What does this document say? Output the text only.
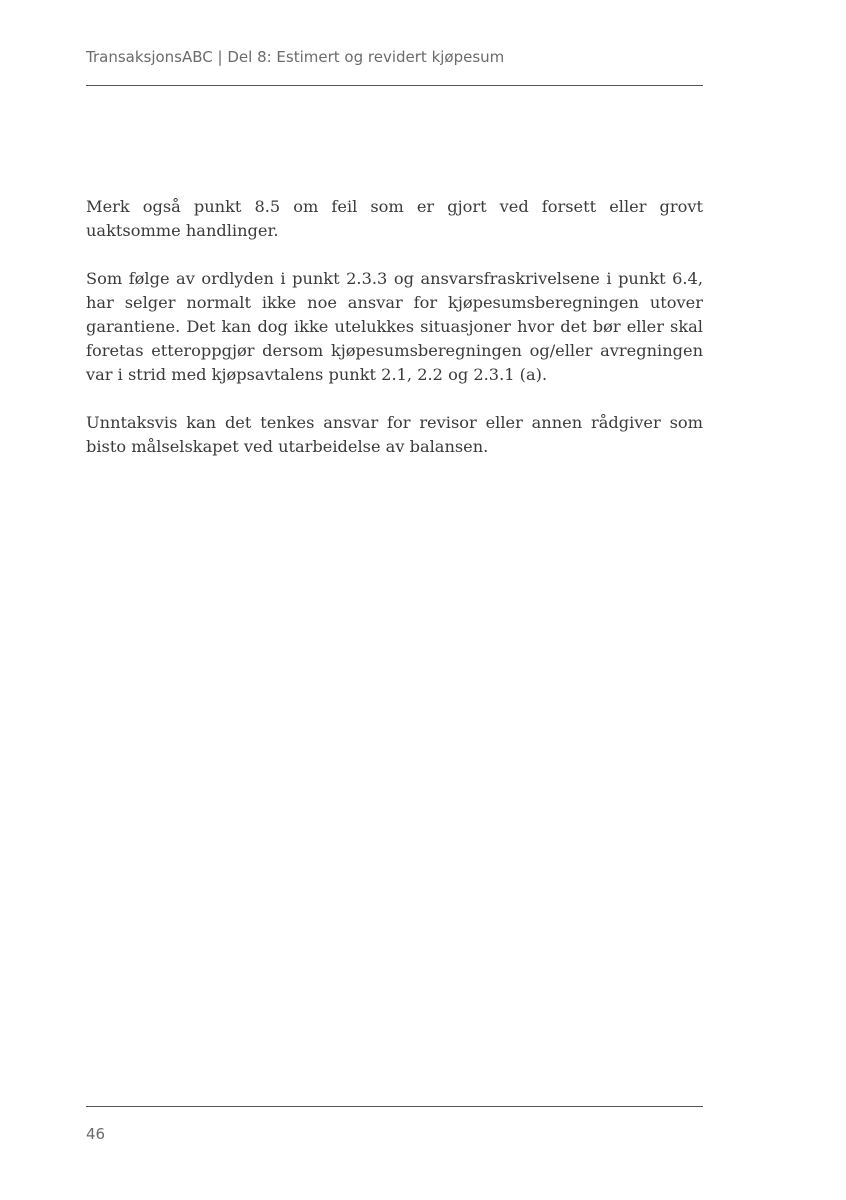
TransaksjonsABC | Del 8: Estimert og revidert kjøpesum

Merk også punkt 8.5 om feil som er gjort ved forsett eller grovt uaktsomme handlinger.

Som følge av ordlyden i punkt 2.3.3 og ansvarsfraskrivelsene i punkt 6.4, har selger normalt ikke noe ansvar for kjøpesumsberegningen utover garantiene. Det kan dog ikke utelukkes situasjoner hvor det bør eller skal foretas etteroppgjør dersom kjøpesumsberegningen og/eller avregningen var i strid med kjøpsavtalens punkt 2.1, 2.2 og 2.3.1 (a).

Unntaksvis kan det tenkes ansvar for revisor eller annen rådgiver som bisto målselskapet ved utarbeidelse av balansen.

46
